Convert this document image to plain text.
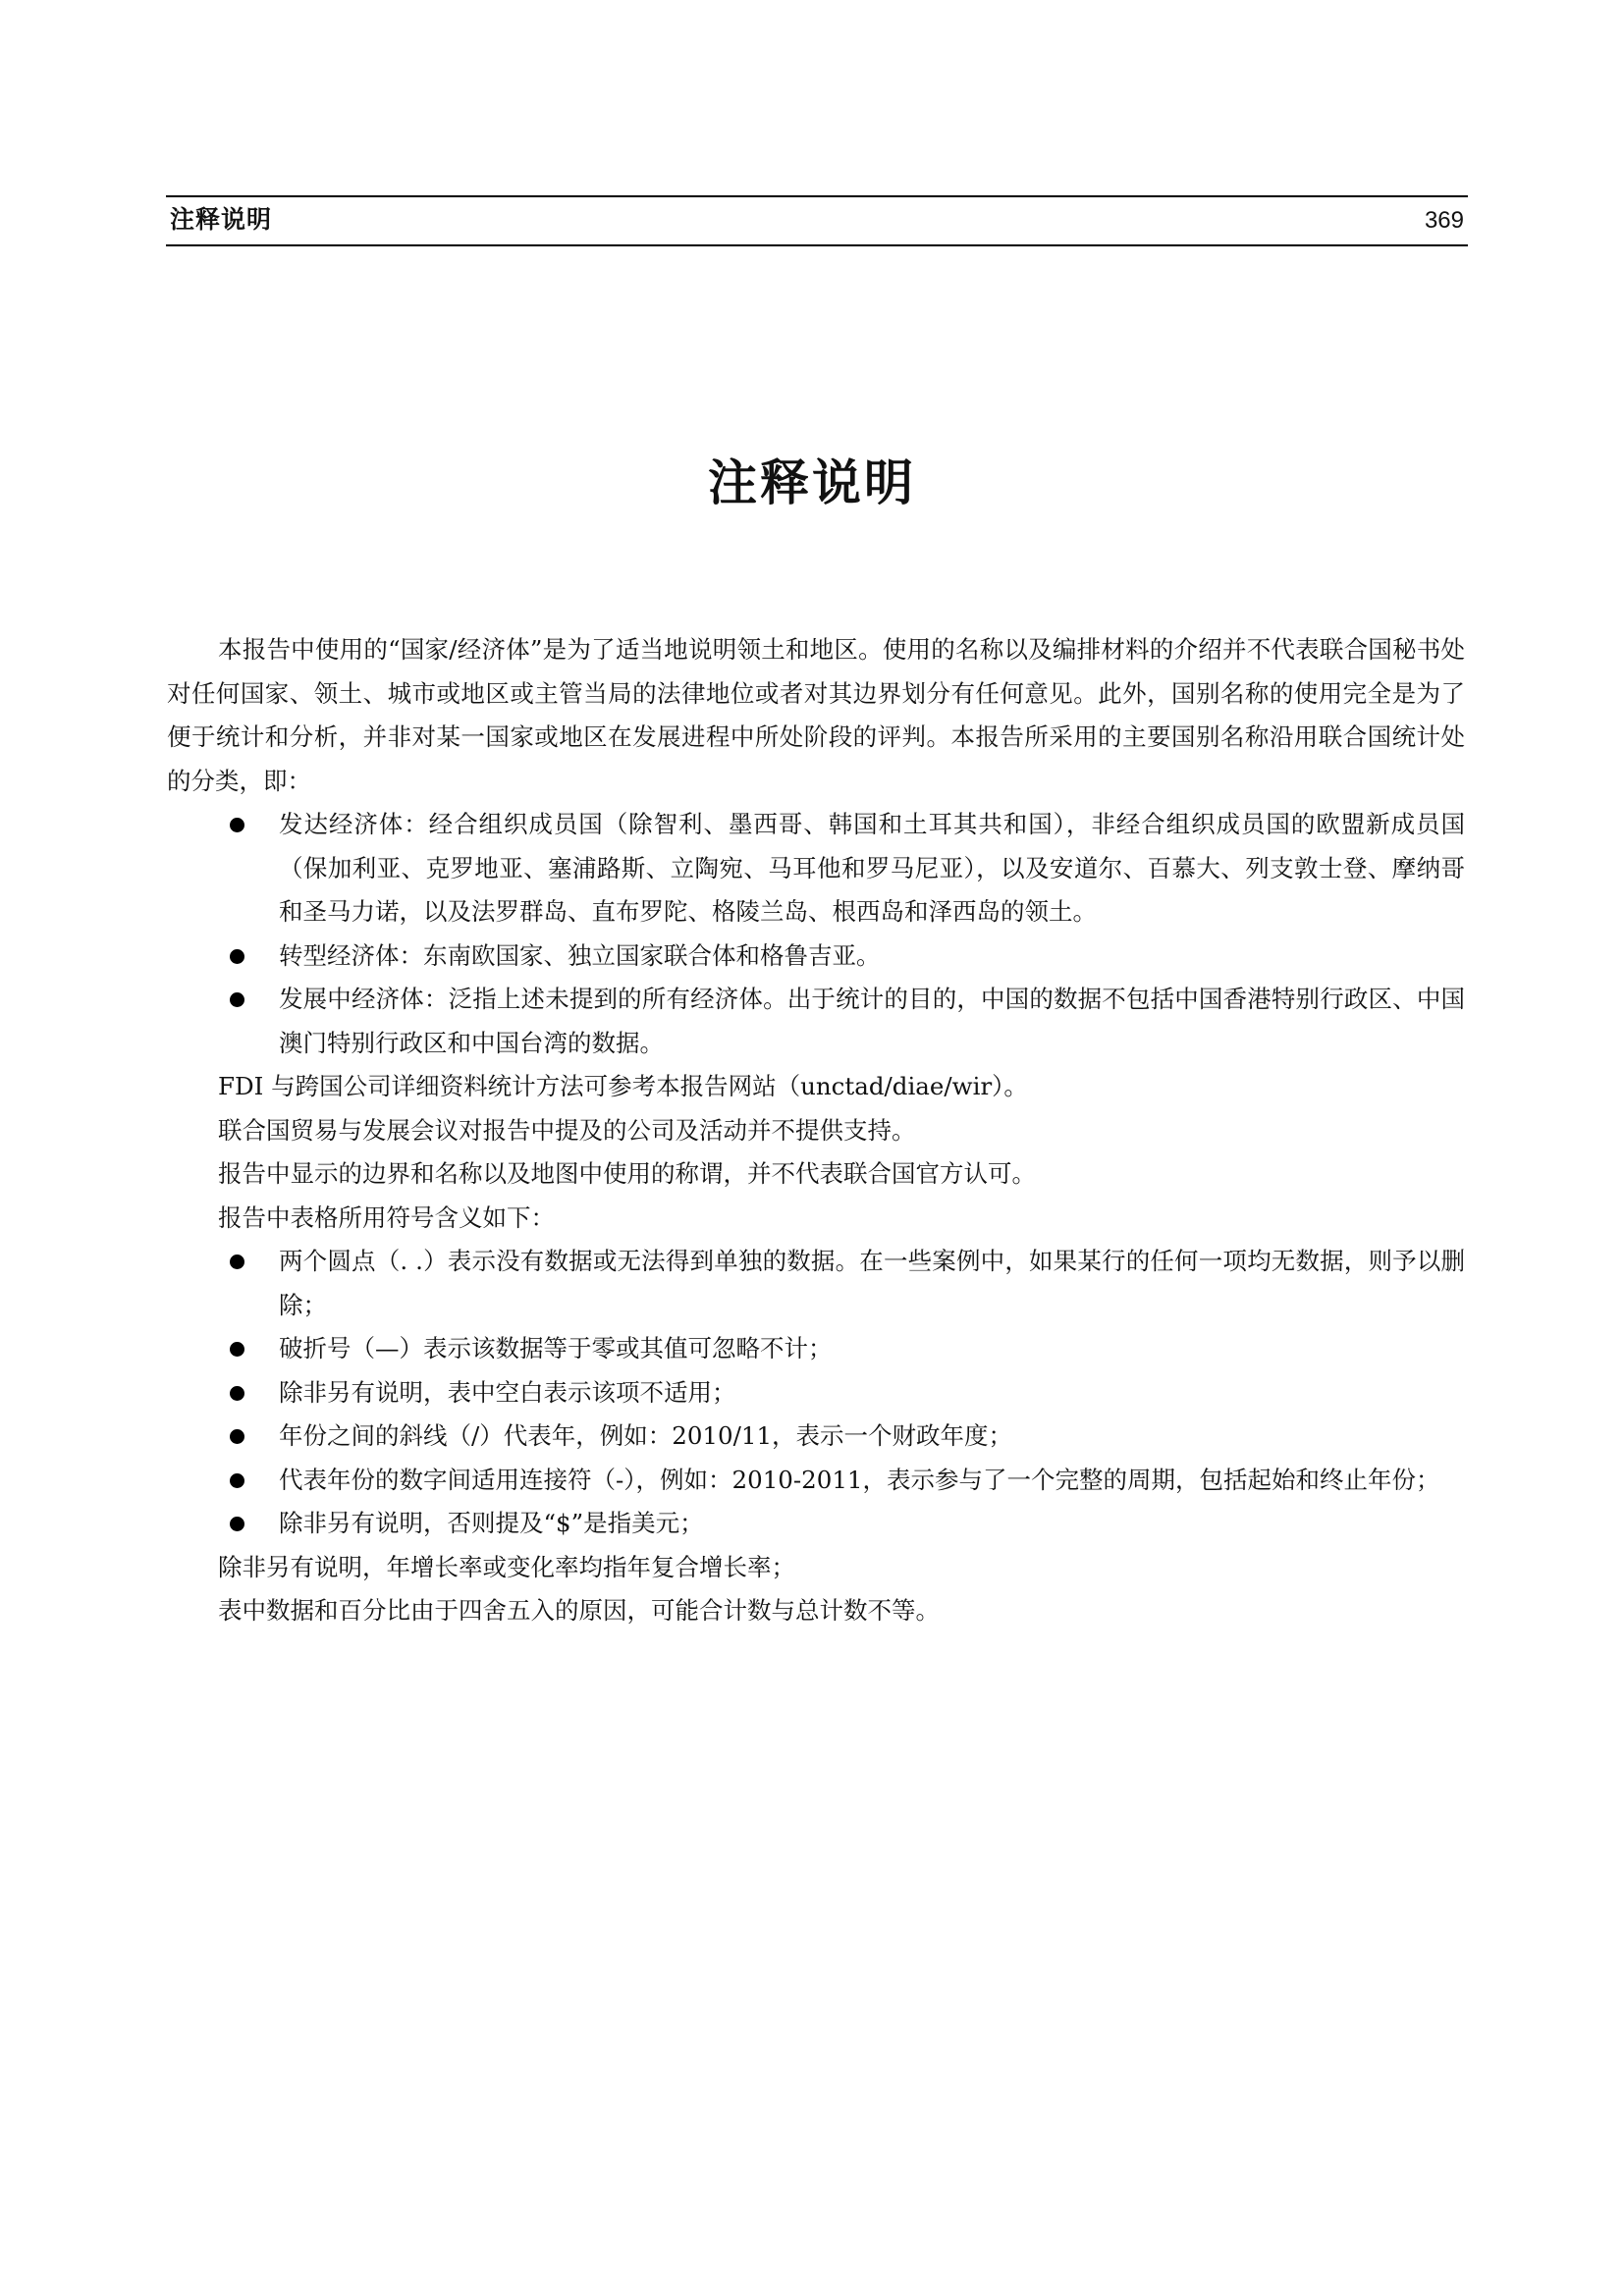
注释说明	369
注释说明

本报告中使用的“国家/经济体”是为了适当地说明领土和地区。使用的名称以及编排材料的介绍并不代表联合国秘书处对任何国家、领土、城市或地区或主管当局的法律地位或者对其边界划分有任何意见。此外，国别名称的使用完全是为了便于统计和分析，并非对某一国家或地区在发展进程中所处阶段的评判。本报告所采用的主要国别名称沿用联合国统计处的分类，即：

发达经济体：经合组织成员国（除智利、墨西哥、韩国和土耳其共和国），非经合组织成员国的欧盟新成员国（保加利亚、克罗地亚、塞浦路斯、立陶宛、马耳他和罗马尼亚），以及安道尔、百慕大、列支敦士登、摩纳哥和圣马力诺，以及法罗群岛、直布罗陀、格陵兰岛、根西岛和泽西岛的领土。
转型经济体：东南欧国家、独立国家联合体和格鲁吉亚。
发展中经济体：泛指上述未提到的所有经济体。出于统计的目的，中国的数据不包括中国香港特别行政区、中国澳门特别行政区和中国台湾的数据。

FDI 与跨国公司详细资料统计方法可参考本报告网站（unctad/diae/wir）。

联合国贸易与发展会议对报告中提及的公司及活动并不提供支持。

报告中显示的边界和名称以及地图中使用的称谓，并不代表联合国官方认可。

报告中表格所用符号含义如下：

两个圆点（. .）表示没有数据或无法得到单独的数据。在一些案例中，如果某行的任何一项均无数据，则予以删除；
破折号（—）表示该数据等于零或其值可忽略不计；
除非另有说明，表中空白表示该项不适用；
年份之间的斜线（/）代表年，例如：2010/11，表示一个财政年度；
代表年份的数字间适用连接符（-），例如：2010-2011，表示参与了一个完整的周期，包括起始和终止年份；
除非另有说明，否则提及“$”是指美元；

除非另有说明，年增长率或变化率均指年复合增长率；

表中数据和百分比由于四舍五入的原因，可能合计数与总计数不等。
